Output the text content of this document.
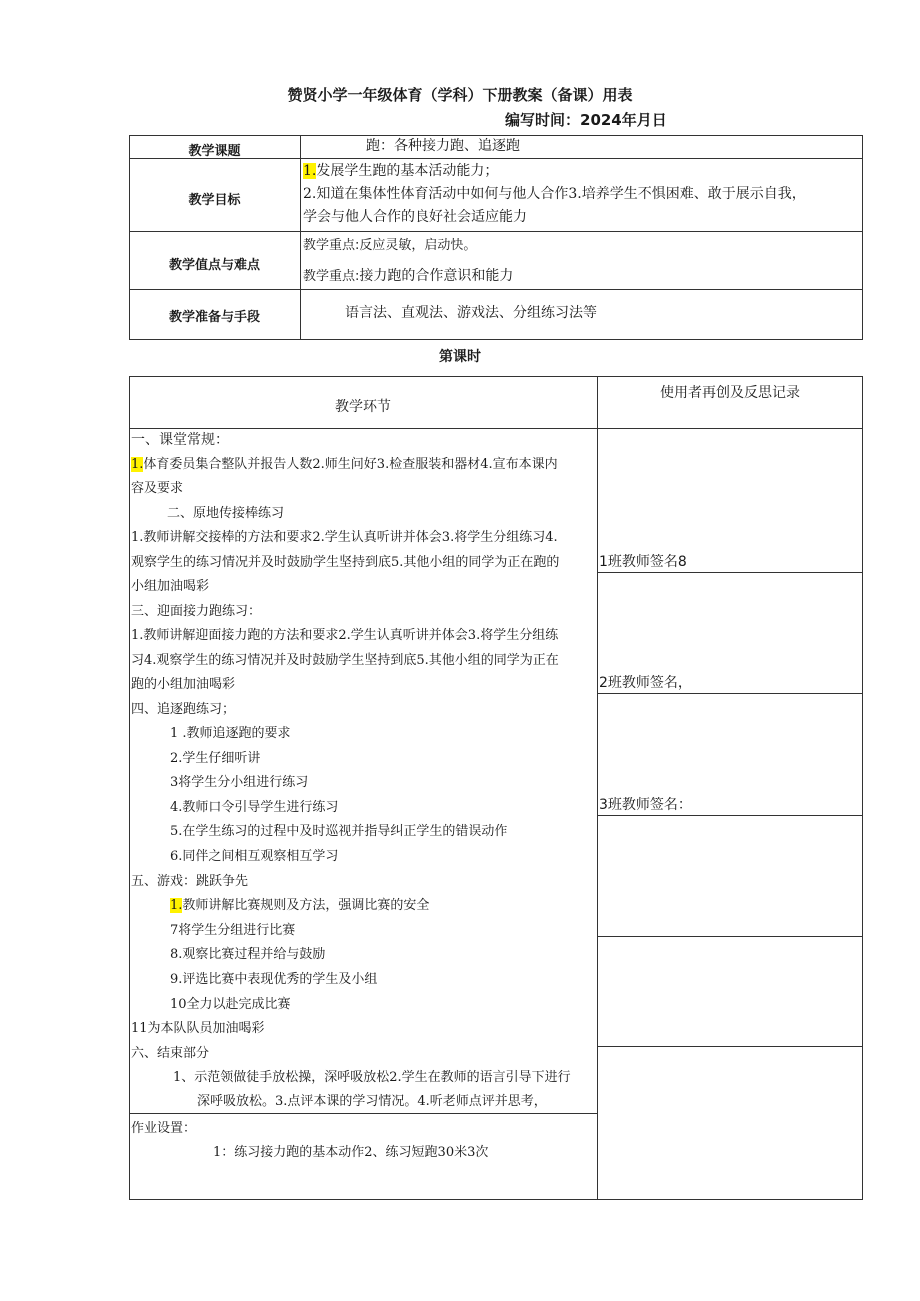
赞贤小学一年级体育（学科）下册教案（备课）用表
编写时间：2024年月日
教学课题	跑：各种接力跑、追逐跑
教学目标
1.发展学生跑的基本活动能力；
2.知道在集体性体育活动中如何与他人合作3.培养学生不惧困难、敢于展示自我，
学会与他人合作的良好社会适应能力
教学值点与难点
教学重点:反应灵敏，启动快。
教学重点:接力跑的合作意识和能力
教学准备与手段	语言法、直观法、游戏法、分组练习法等
第课时
教学环节
使用者再创及反思记录
一、课堂常规：
1.体育委员集合整队并报告人数2.师生问好3.检查服装和器材4.宣布本课内
容及要求
二、原地传接棒练习
1.教师讲解交接棒的方法和要求2.学生认真听讲并体会3.将学生分组练习4.
观察学生的练习情况并及时鼓励学生坚持到底5.其他小组的同学为正在跑的
小组加油喝彩
三、迎面接力跑练习：
1.教师讲解迎面接力跑的方法和要求2.学生认真听讲并体会3.将学生分组练
习4.观察学生的练习情况并及时鼓励学生坚持到底5.其他小组的同学为正在
跑的小组加油喝彩
四、追逐跑练习；
1 .教师追逐跑的要求
2.学生仔细听讲
3将学生分小组进行练习
4.教师口令引导学生进行练习
5.在学生练习的过程中及时巡视并指导纠正学生的错误动作
6.同伴之间相互观察相互学习
五、游戏：跳跃争先
1.教师讲解比赛规则及方法，强调比赛的安全
7将学生分组进行比赛
8.观察比赛过程并给与鼓励
9.评选比赛中表现优秀的学生及小组
10全力以赴完成比赛
11为本队队员加油喝彩
六、结束部分
1、示范领做徒手放松操，深呼吸放松2.学生在教师的语言引导下进行
深呼吸放松。3.点评本课的学习情况。4.听老师点评并思考，
作业设置：
1：练习接力跑的基本动作2、练习短跑30米3次
1班教师签名8
2班教师签名，
3班教师签名：
